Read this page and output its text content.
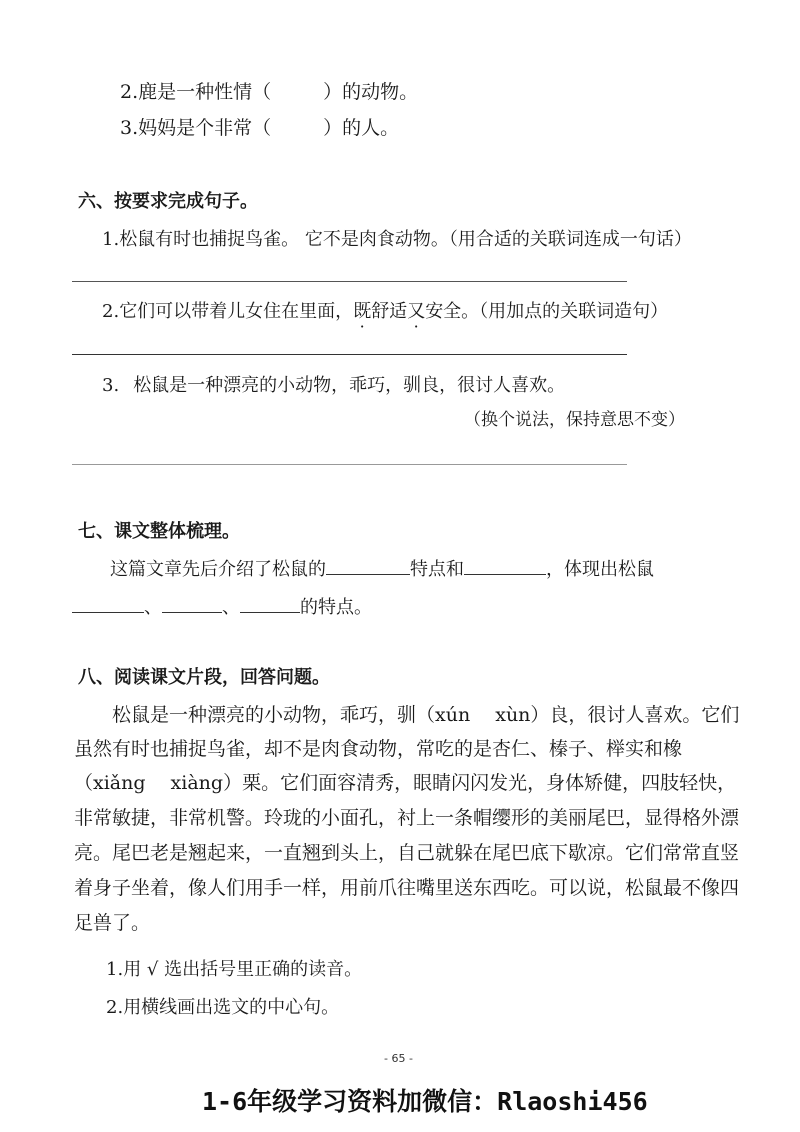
2.鹿是一种性情（	）的动物。
3.妈妈是个非常（	）的人。
六、按要求完成句子。
1.松鼠有时也捕捉鸟雀。 它不是肉食动物。（用合适的关联词连成一句话）
2.它们可以带着儿女住在里面，既舒适又安全。（用加点的关联词造句）
3. 松鼠是一种漂亮的小动物，乖巧，驯良，很讨人喜欢。
（换个说法，保持意思不变）
七、课文整体梳理。
这篇文章先后介绍了松鼠的	特点和	，体现出松鼠
、	、	的特点。
八、阅读课文片段，回答问题。
松鼠是一种漂亮的小动物，乖巧，驯（xún　 xùn）良，很讨人喜欢。它们
虽然有时也捕捉鸟雀，却不是肉食动物，常吃的是杏仁、榛子、榉实和橡
（xiǎng　 xiàng）栗。它们面容清秀，眼睛闪闪发光，身体矫健，四肢轻快，
非常敏捷，非常机警。玲珑的小面孔，衬上一条帽缨形的美丽尾巴，显得格外漂
亮。尾巴老是翘起来，一直翘到头上，自己就躲在尾巴底下歇凉。它们常常直竖
着身子坐着，像人们用手一样，用前爪往嘴里送东西吃。可以说，松鼠最不像四
足兽了。
1.用 √ 选出括号里正确的读音。
2.用横线画出选文的中心句。
- 65 -
1-6年级学习资料加微信：Rlaoshi456
